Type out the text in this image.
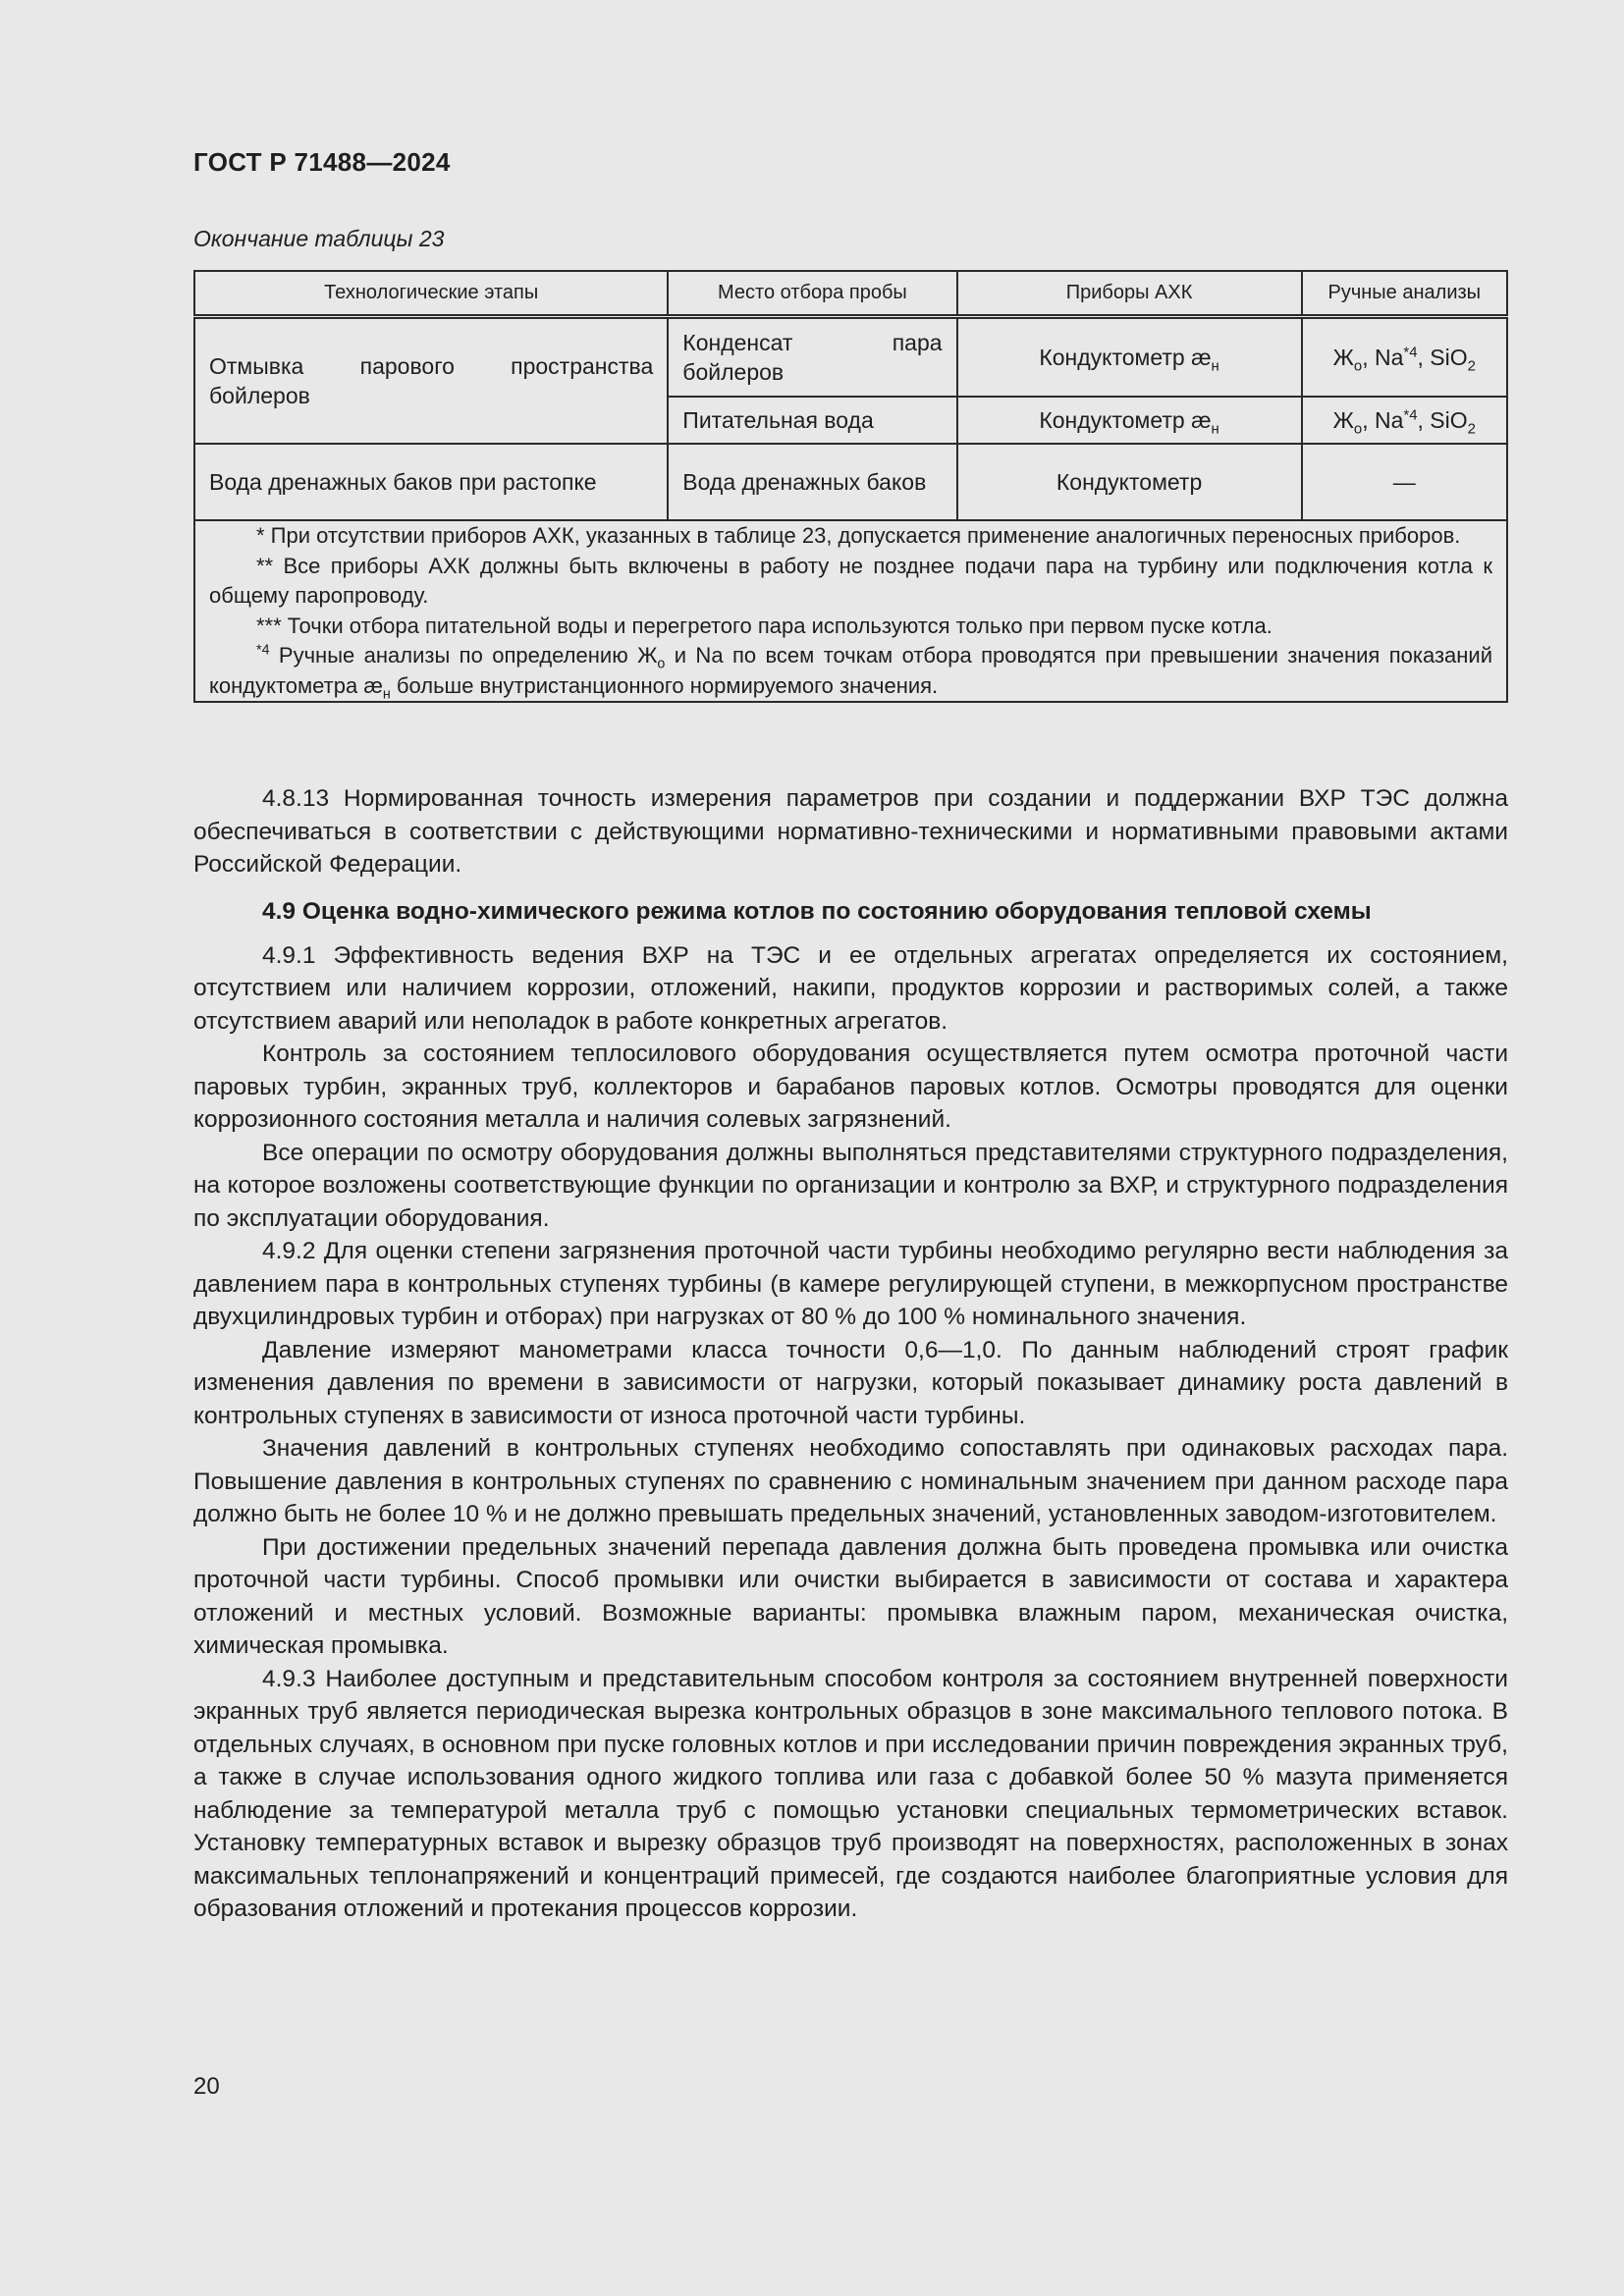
ГОСТ Р 71488—2024
Окончание таблицы 23
Технологические этапы	Место отбора пробы	Приборы АХК	Ручные анализы
Отмывка парового пространства бойлеров	Конденсат пара бойлеров	Кондуктометр $æ_н$	$Ж_о$, Na$^{*4}$, SiO$_2$
	Питательная вода	Кондуктометр $æ_н$	$Ж_о$, Na$^{*4}$, SiO$_2$
Вода дренажных баков при растопке	Вода дренажных баков	Кондуктометр	—

* При отсутствии приборов АХК, указанных в таблице 23, допускается применение аналогичных переносных приборов.
** Все приборы АХК должны быть включены в работу не позднее подачи пара на турбину или подключения котла к общему паропроводу.
*** Точки отбора питательной воды и перегретого пара используются только при первом пуске котла.
$^{*4}$ Ручные анализы по определению $Ж_о$ и Na по всем точкам отбора проводятся при превышении значения показаний кондуктометра $æ_н$ больше внутристанционного нормируемого значения.			

4.8.13 Нормированная точность измерения параметров при создании и поддержании ВХР ТЭС должна обеспечиваться в соответствии с действующими нормативно-техническими и нормативными правовыми актами Российской Федерации.

4.9 Оценка водно-химического режима котлов по состоянию оборудования тепловой схемы

4.9.1 Эффективность ведения ВХР на ТЭС и ее отдельных агрегатах определяется их состоянием, отсутствием или наличием коррозии, отложений, накипи, продуктов коррозии и растворимых солей, а также отсутствием аварий или неполадок в работе конкретных агрегатов.

Контроль за состоянием теплосилового оборудования осуществляется путем осмотра проточной части паровых турбин, экранных труб, коллекторов и барабанов паровых котлов. Осмотры проводятся для оценки коррозионного состояния металла и наличия солевых загрязнений.

Все операции по осмотру оборудования должны выполняться представителями структурного подразделения, на которое возложены соответствующие функции по организации и контролю за ВХР, и структурного подразделения по эксплуатации оборудования.

4.9.2 Для оценки степени загрязнения проточной части турбины необходимо регулярно вести наблюдения за давлением пара в контрольных ступенях турбины (в камере регулирующей ступени, в межкорпусном пространстве двухцилиндровых турбин и отборах) при нагрузках от 80 % до 100 % номинального значения.

Давление измеряют манометрами класса точности 0,6—1,0. По данным наблюдений строят график изменения давления по времени в зависимости от нагрузки, который показывает динамику роста давлений в контрольных ступенях в зависимости от износа проточной части турбины.

Значения давлений в контрольных ступенях необходимо сопоставлять при одинаковых расходах пара. Повышение давления в контрольных ступенях по сравнению с номинальным значением при данном расходе пара должно быть не более 10 % и не должно превышать предельных значений, установленных заводом-изготовителем.

При достижении предельных значений перепада давления должна быть проведена промывка или очистка проточной части турбины. Способ промывки или очистки выбирается в зависимости от состава и характера отложений и местных условий. Возможные варианты: промывка влажным паром, механическая очистка, химическая промывка.

4.9.3 Наиболее доступным и представительным способом контроля за состоянием внутренней поверхности экранных труб является периодическая вырезка контрольных образцов в зоне максимального теплового потока. В отдельных случаях, в основном при пуске головных котлов и при исследовании причин повреждения экранных труб, а также в случае использования одного жидкого топлива или газа с добавкой более 50 % мазута применяется наблюдение за температурой металла труб с помощью установки специальных термометрических вставок. Установку температурных вставок и вырезку образцов труб производят на поверхностях, расположенных в зонах максимальных теплонапряжений и концентраций примесей, где создаются наиболее благоприятные условия для образования отложений и протекания процессов коррозии.

20
